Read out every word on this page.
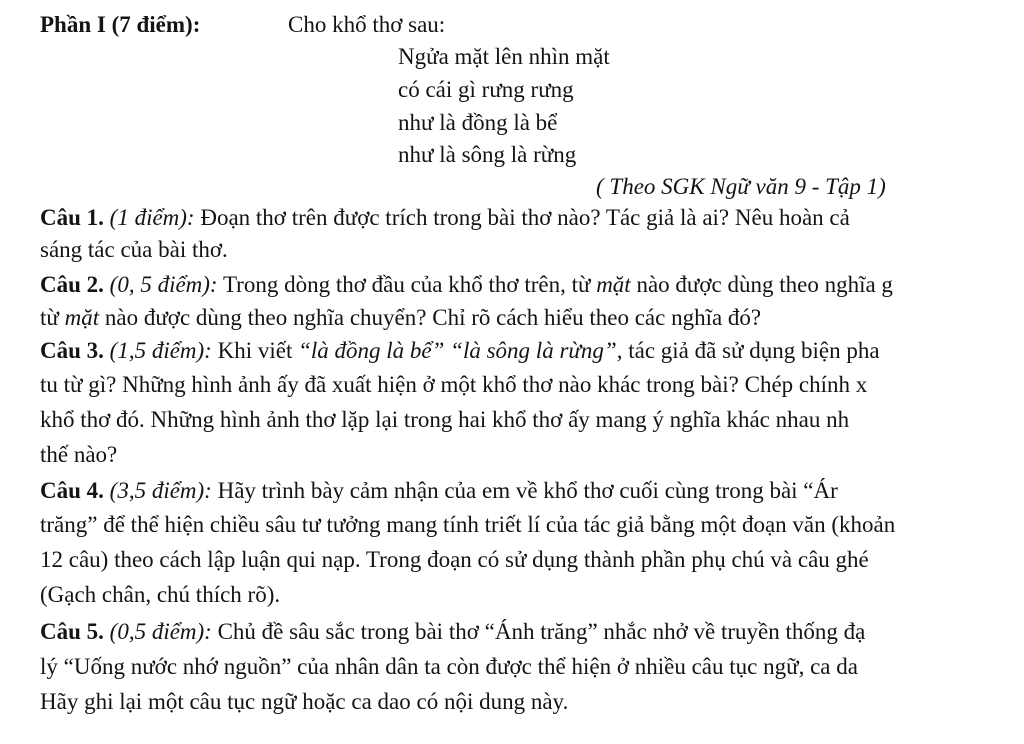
Phần I (7 điểm):	Cho khổ thơ sau:
Ngửa mặt lên nhìn mặt
có cái gì rưng rưng
như là đồng là bể
như là sông là rừng
( Theo SGK Ngữ văn 9 - Tập 1)
Câu 1. (1 điểm): Đoạn thơ trên được trích trong bài thơ nào? Tác giả là ai? Nêu hoàn cả
sáng tác của bài thơ.
Câu 2. (0, 5 điểm): Trong dòng thơ đầu của khổ thơ trên, từ mặt nào được dùng theo nghĩa g
từ mặt nào được dùng theo nghĩa chuyển? Chỉ rõ cách hiểu theo các nghĩa đó?
Câu 3. (1,5 điểm): Khi viết “là đồng là bể” “là sông là rừng”, tác giả đã sử dụng biện pha
tu từ gì? Những hình ảnh ấy đã xuất hiện ở một khổ thơ nào khác trong bài? Chép chính x
khổ thơ đó. Những hình ảnh thơ lặp lại trong hai khổ thơ ấy mang ý nghĩa khác nhau nh
thế nào?
Câu 4. (3,5 điểm): Hãy trình bày cảm nhận của em về khổ thơ cuối cùng trong bài “Ár
trăng” để thể hiện chiều sâu tư tưởng mang tính triết lí của tác giả bằng một đoạn văn (khoản
12 câu) theo cách lập luận qui nạp. Trong đoạn có sử dụng thành phần phụ chú và câu ghé
(Gạch chân, chú thích rõ).
Câu 5. (0,5 điểm): Chủ đề sâu sắc trong bài thơ “Ánh trăng” nhắc nhở về truyền thống đạ
lý “Uống nước nhớ nguồn” của nhân dân ta còn được thể hiện ở nhiều câu tục ngữ, ca da
Hãy ghi lại một câu tục ngữ hoặc ca dao có nội dung này.
